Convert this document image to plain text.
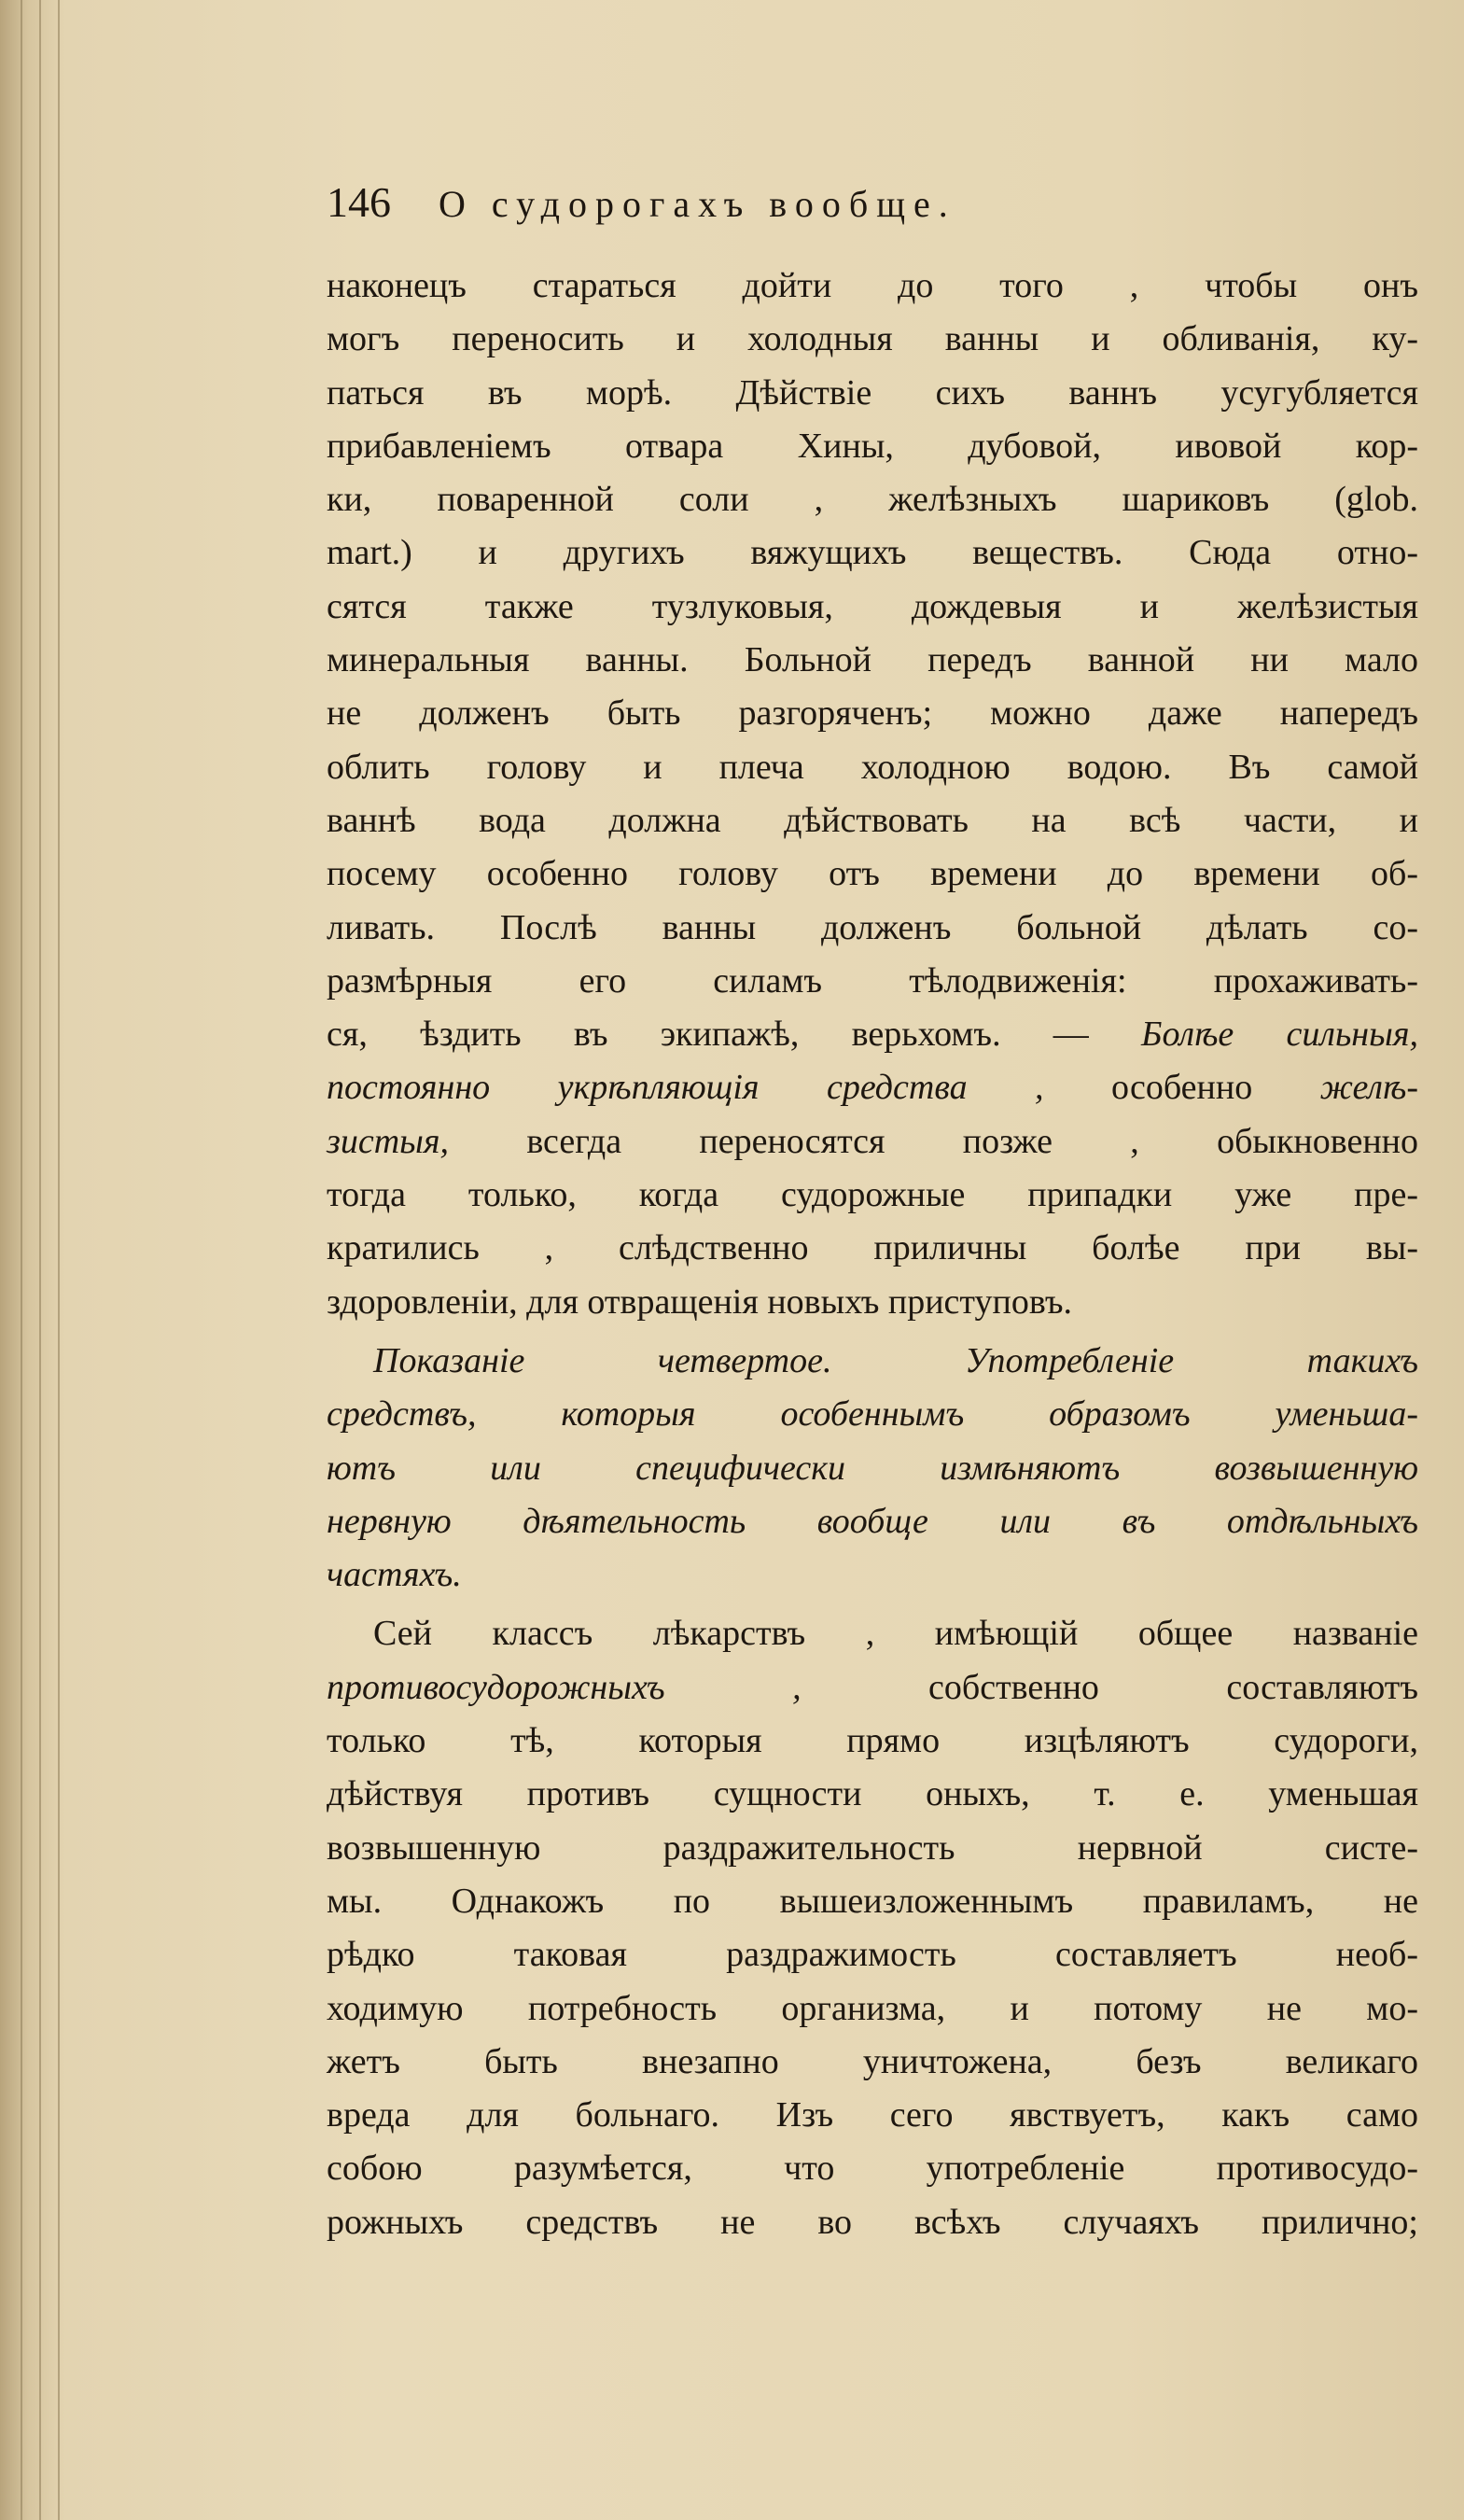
146	О судорогахъ вообще.
наконецъ стараться дойти до того , чтобы онъ
могъ переносить и холодныя ванны и обливанія, ку-
паться въ морѣ. Дѣйствіе сихъ ваннъ усугубляется
прибавленіемъ отвара Хины, дубовой, ивовой кор-
ки, поваренной соли , желѣзныхъ шариковъ (glob.
mart.) и другихъ вяжущихъ веществъ. Сюда отно-
сятся также тузлуковыя, дождевыя и желѣзистыя
минеральныя ванны. Больной передъ ванной ни мало
не долженъ быть разгоряченъ; можно даже напередъ
облить голову и плеча холодною водою. Въ самой
ваннѣ вода должна дѣйствовать на всѣ части, и
посему особенно голову отъ времени до времени об-
ливать. Послѣ ванны долженъ больной дѣлать со-
размѣрныя его силамъ тѣлодвиженія: прохаживать-
ся, ѣздить въ экипажѣ, верьхомъ. — Болѣе сильныя,
постоянно укрѣпляющія средства , особенно желѣ-
зистыя, всегда переносятся позже , обыкновенно
тогда только, когда судорожные припадки уже пре-
кратились , слѣдственно приличны болѣе при вы-
здоровленіи, для отвращенія новыхъ приступовъ.
Показаніе четвертое. Употребленіе такихъ
средствъ, которыя особеннымъ образомъ уменьша-
ютъ или специфически измѣняютъ возвышенную
нервную дѣятельность вообще или въ отдѣльныхъ
частяхъ.
Сей классъ лѣкарствъ , имѣющій общее названіе
противосудорожныхъ , собственно составляютъ
только тѣ, которыя прямо изцѣляютъ судороги,
дѣйствуя противъ сущности оныхъ, т. е. уменьшая
возвышенную раздражительность нервной систе-
мы. Однакожъ по вышеизложеннымъ правиламъ, не
рѣдко таковая раздражимость составляетъ необ-
ходимую потребность организма, и потому не мо-
жетъ быть внезапно уничтожена, безъ великаго
вреда для больнаго. Изъ сего явствуетъ, какъ само
собою разумѣется, что употребленіе противосудо-
рожныхъ средствъ не во всѣхъ случаяхъ прилично;
